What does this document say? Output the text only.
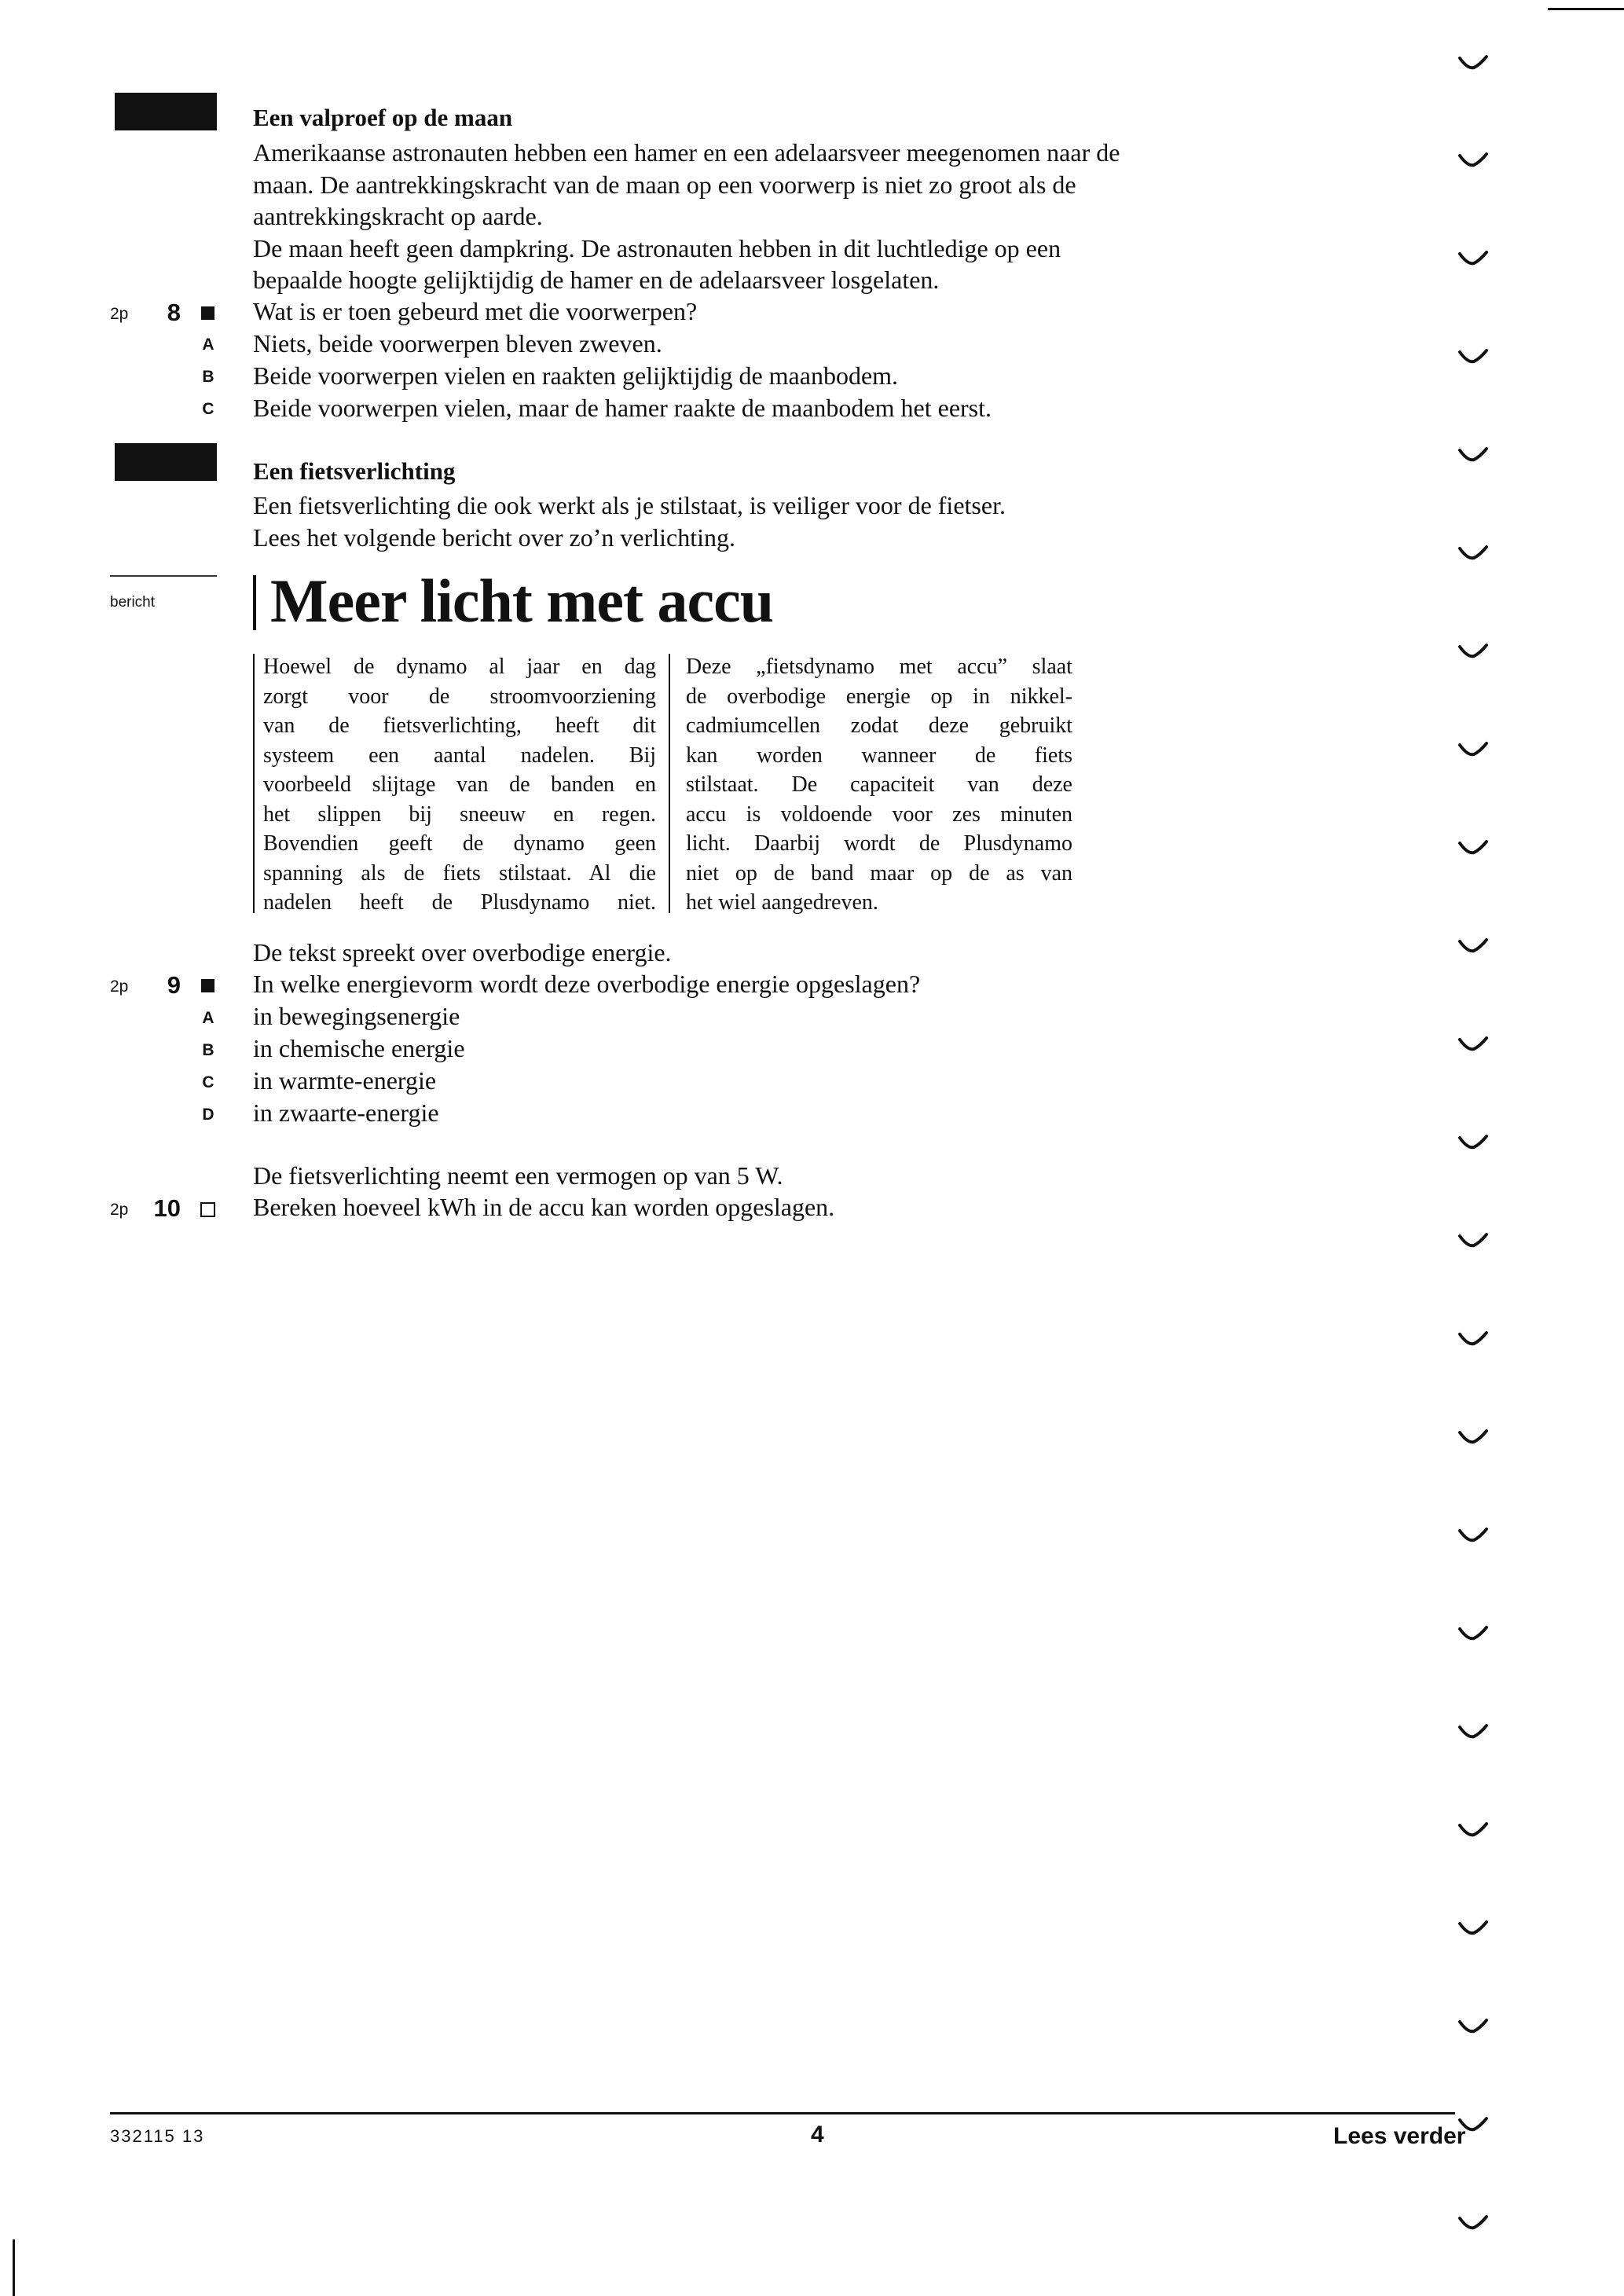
Een valproef op de maan
Amerikaanse astronauten hebben een hamer en een adelaarsveer meegenomen naar de
maan. De aantrekkingskracht van de maan op een voorwerp is niet zo groot als de
aantrekkingskracht op aarde.
De maan heeft geen dampkring. De astronauten hebben in dit luchtledige op een
bepaalde hoogte gelijktijdig de hamer en de adelaarsveer losgelaten.
2p	8	Wat is er toen gebeurd met die voorwerpen?
A Niets, beide voorwerpen bleven zweven.
B Beide voorwerpen vielen en raakten gelijktijdig de maanbodem.
C Beide voorwerpen vielen, maar de hamer raakte de maanbodem het eerst.
Een fietsverlichting
Een fietsverlichting die ook werkt als je stilstaat, is veiliger voor de fietser.
Lees het volgende bericht over zo’n verlichting.
bericht Meer licht met accu
Hoewel de dynamo al jaar en dag
zorgt voor de stroomvoorziening
van de fietsverlichting, heeft dit
systeem een aantal nadelen. Bij
voorbeeld slijtage van de banden en
het slippen bij sneeuw en regen.
Bovendien geeft de dynamo geen
spanning als de fiets stilstaat. Al die
nadelen heeft de Plusdynamo niet.
Deze „fietsdynamo met accu” slaat
de overbodige energie op in nikkel-
cadmiumcellen zodat deze gebruikt
kan worden wanneer de fiets
stilstaat. De capaciteit van deze
accu is voldoende voor zes minuten
licht. Daarbij wordt de Plusdynamo
niet op de band maar op de as van
het wiel aangedreven.
De tekst spreekt over overbodige energie.
2p	9	In welke energievorm wordt deze overbodige energie opgeslagen?
A in bewegingsenergie
B in chemische energie
C in warmte-energie
D in zwaarte-energie
De fietsverlichting neemt een vermogen op van 5 W.
2p	10	Bereken hoeveel kWh in de accu kan worden opgeslagen.
332115 13	4	Lees verder
